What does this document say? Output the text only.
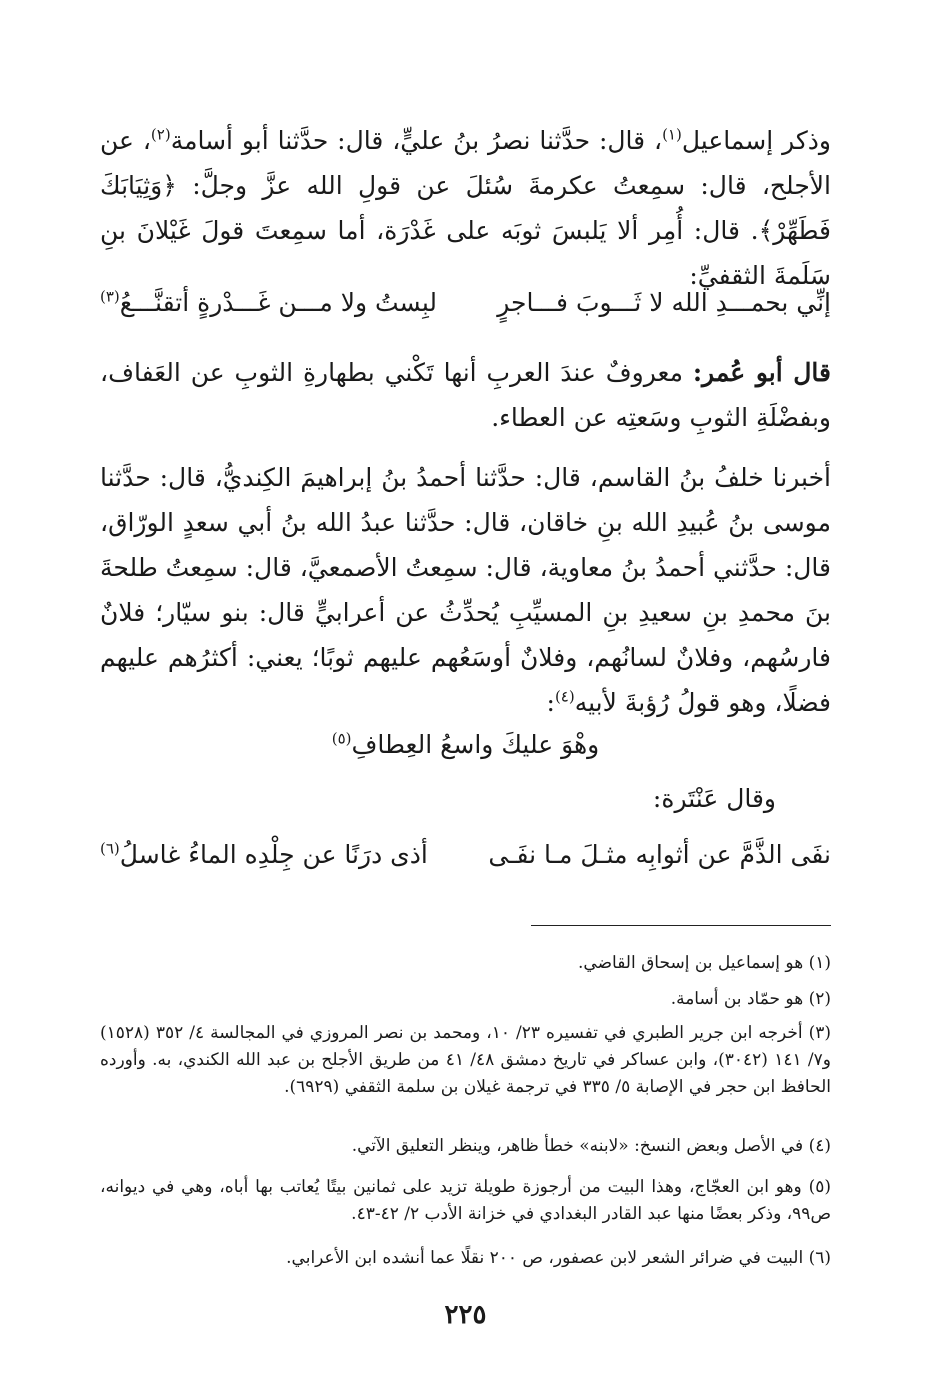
وذكر إسماعيل$^{(١)}$، قال: حدَّثنا نصرُ بنُ عليٍّ، قال: حدَّثنا أبو أسامة$^{(٢)}$، عن الأجلح، قال: سمِعتُ عكرمةَ سُئلَ عن قولِ الله عزَّ وجلَّ: ﴿وَثِيَابَكَ فَطَهِّرْ﴾. قال: أُمِر ألا يَلبسَ ثوبَه على غَدْرَة، أما سمِعتَ قولَ غَيْلانَ بنِ سَلَمةَ الثقفيِّ:

إنِّي بحمـــدِ الله لا ثَـــوبَ فـــاجرٍ
لبِستُ ولا مـــن غَـــدْرةٍ أتقنَّـــعُ$^{(٣)}$

قال أبو عُمر: معروفٌ عندَ العربِ أنها تَكْني بطهارةِ الثوبِ عن العَفاف، وبفضْلَةِ الثوبِ وسَعتِه عن العطاء.

أخبرنا خلفُ بنُ القاسم، قال: حدَّثنا أحمدُ بنُ إبراهيمَ الكِنديُّ، قال: حدَّثنا موسى بنُ عُبيدِ الله بنِ خاقان، قال: حدَّثنا عبدُ الله بنُ أبي سعدٍ الورّاق، قال: حدَّثني أحمدُ بنُ معاوية، قال: سمِعتُ الأصمعيَّ، قال: سمِعتُ طلحةَ بنَ محمدِ بنِ سعيدِ بنِ المسيِّبِ يُحدِّثُ عن أعرابيٍّ قال: بنو سيّار؛ فلانٌ فارسُهم، وفلانٌ لسانُهم، وفلانٌ أوسَعُهم عليهم ثوبًا؛ يعني: أكثرُهم عليهم فضلًا، وهو قولُ رُؤبةَ لأبيه$^{(٤)}$:

وهْوَ عليكَ واسعُ العِطافِ$^{(٥)}$

وقال عَنْتَرة:

نفَى الذَّمَّ عن أثوابِه مثـلَ مـا نفَـى
أذى درَنًا عن جِلْدِه الماءُ غاسلُ$^{(٦)}$

(١) هو إسماعيل بن إسحاق القاضي.

(٢) هو حمّاد بن أسامة.

(٣) أخرجه ابن جرير الطبري في تفسيره ٢٣/ ١٠، ومحمد بن نصر المروزي في المجالسة ٤/ ٣٥٢ (١٥٢٨) و٧/ ١٤١ (٣٠٤٢)، وابن عساكر في تاريخ دمشق ٤٨/ ٤١ من طريق الأجلح بن عبد الله الكندي، به. وأورده الحافظ ابن حجر في الإصابة ٥/ ٣٣٥ في ترجمة غيلان بن سلمة الثقفي (٦٩٢٩).

(٤) في الأصل وبعض النسخ: «لابنه» خطأ ظاهر، وينظر التعليق الآتي.

(٥) وهو ابن العجّاج، وهذا البيت من أرجوزة طويلة تزيد على ثمانين بيتًا يُعاتب بها أباه، وهي في ديوانه، ص٩٩، وذكر بعضًا منها عبد القادر البغدادي في خزانة الأدب ٢/ ٤٢-٤٣.

(٦) البيت في ضرائر الشعر لابن عصفور، ص ٢٠٠ نقلًا عما أنشده ابن الأعرابي.

٢٢٥
